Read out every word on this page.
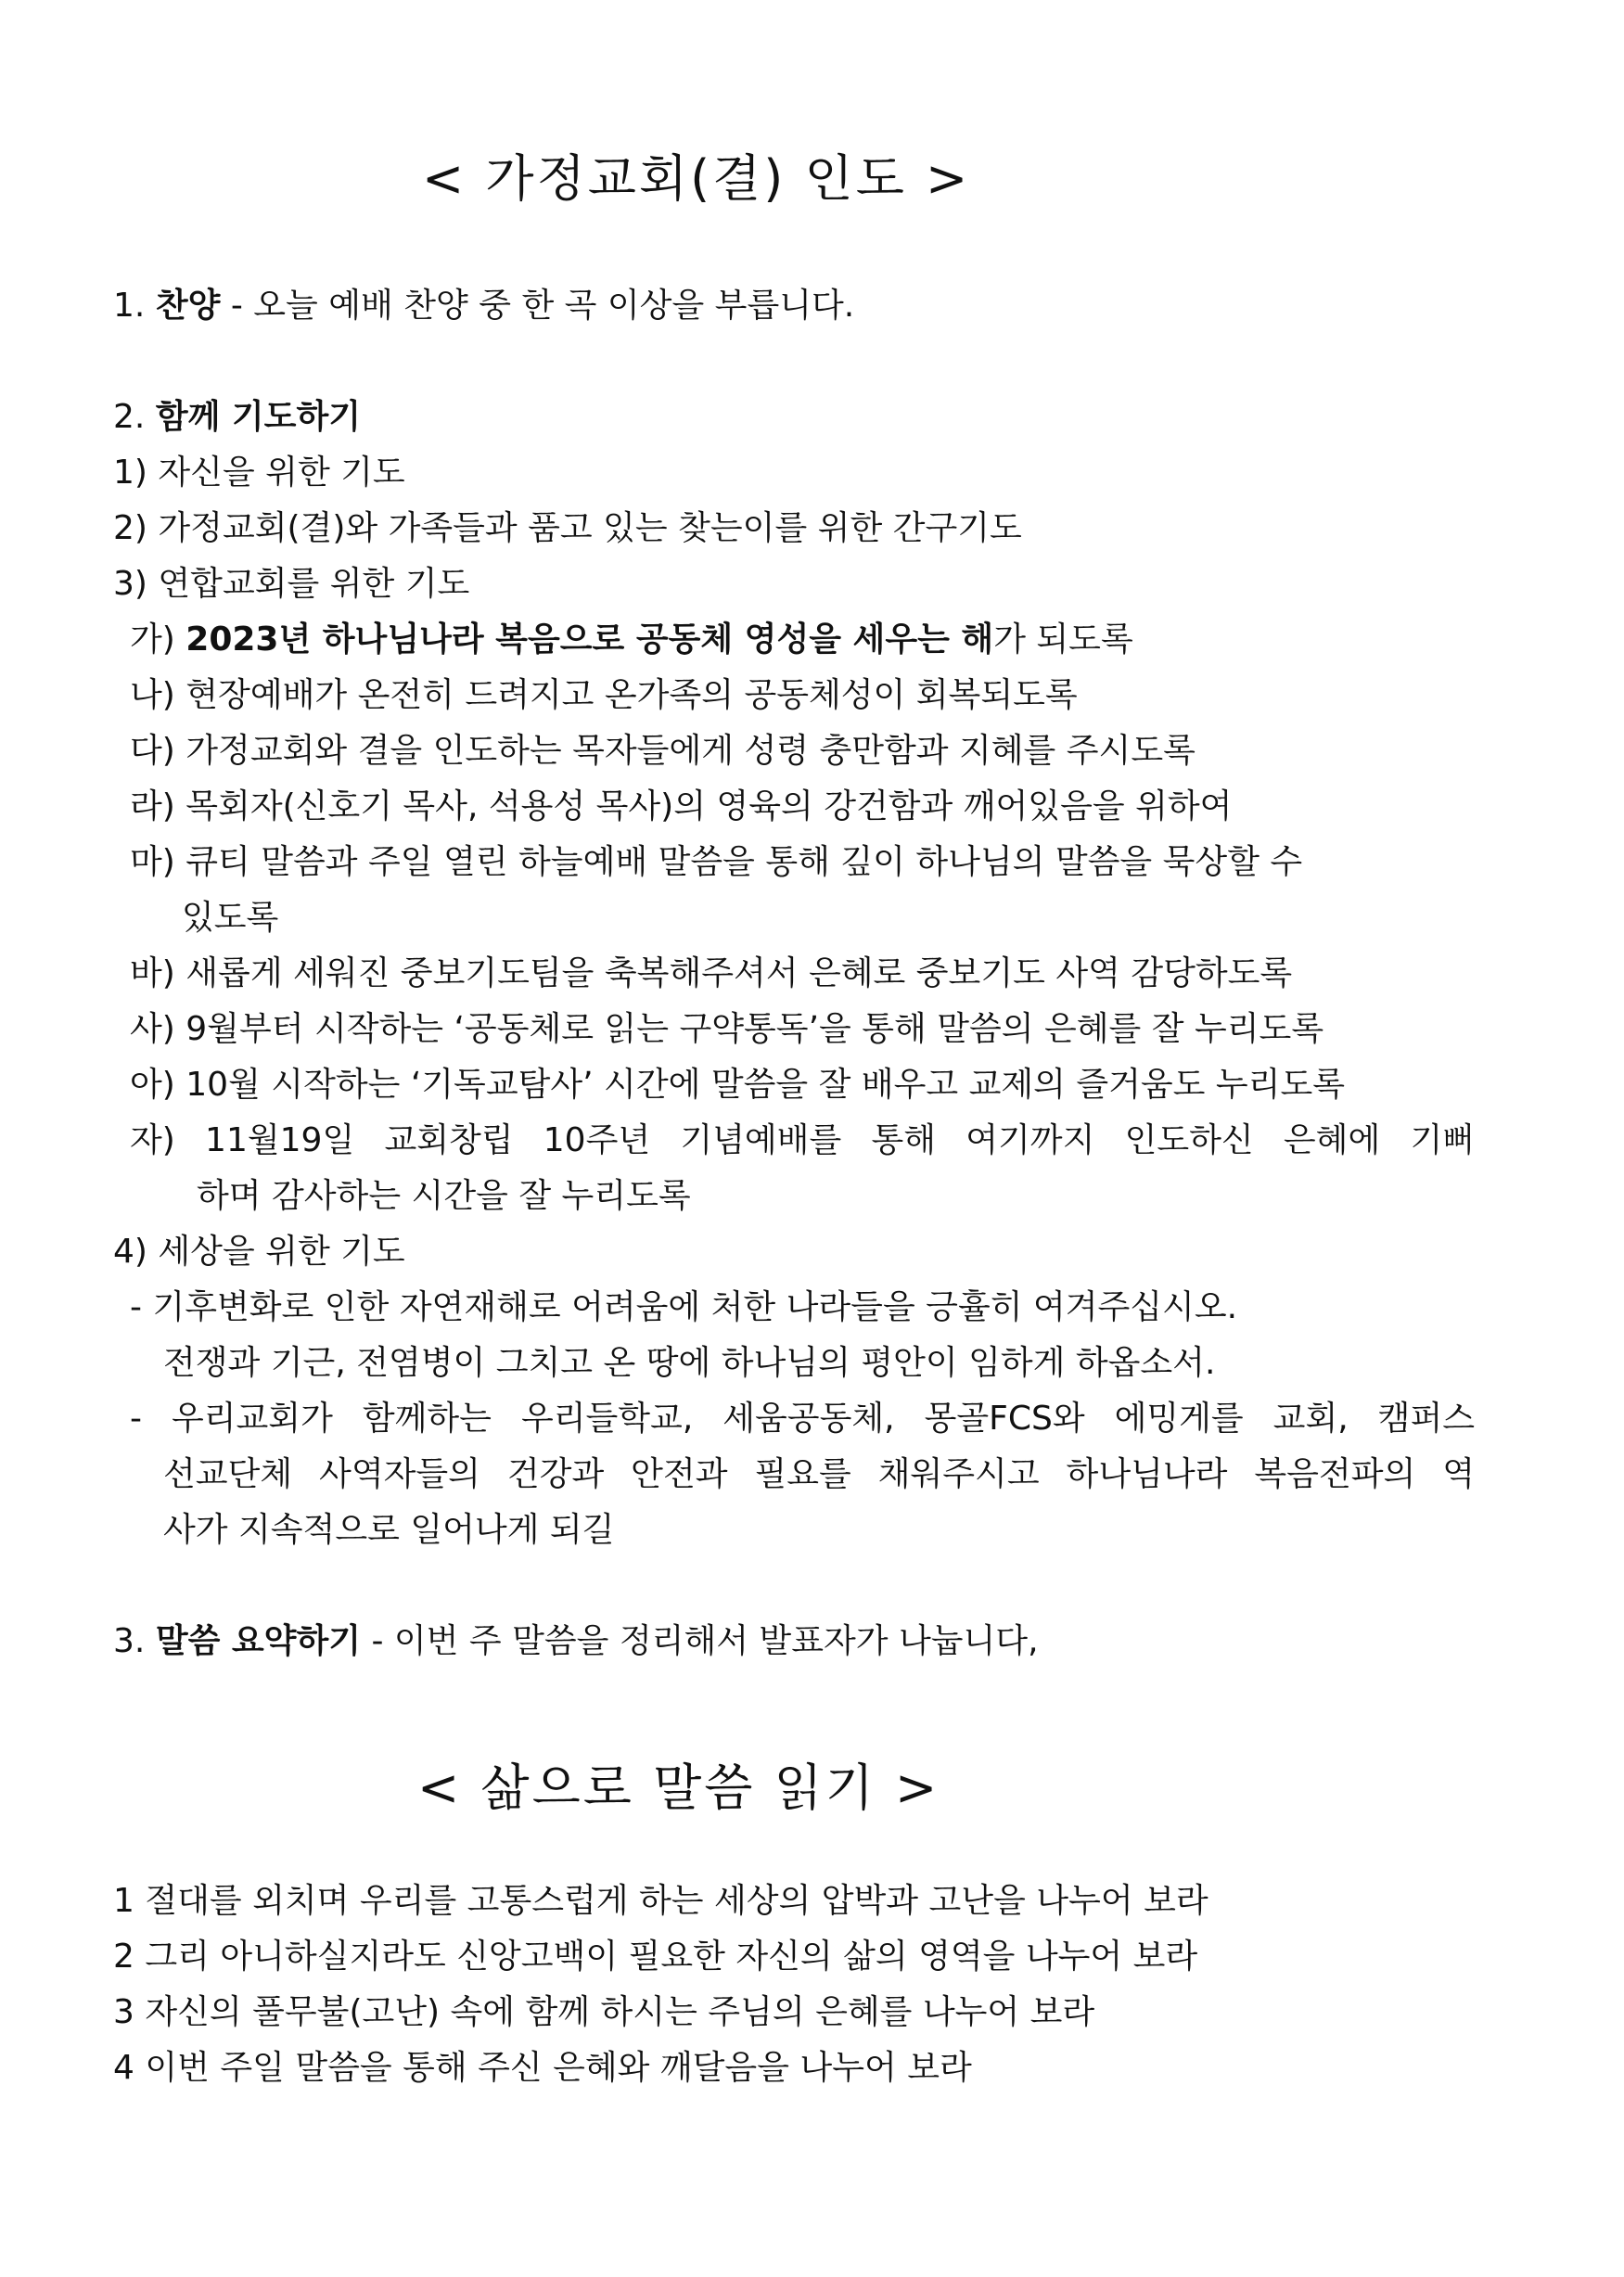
< 가정교회(결) 인도 >
1. 찬양 - 오늘 예배 찬양 중 한 곡 이상을 부릅니다.
2. 함께 기도하기
1) 자신을 위한 기도
2) 가정교회(결)와 가족들과 품고 있는 찾는이를 위한 간구기도
3) 연합교회를 위한 기도
가) 2023년 하나님나라 복음으로 공동체 영성을 세우는 해가 되도록
나) 현장예배가 온전히 드려지고 온가족의 공동체성이 회복되도록
다) 가정교회와 결을 인도하는 목자들에게 성령 충만함과 지혜를 주시도록
라) 목회자(신호기 목사, 석용성 목사)의 영육의 강건함과 깨어있음을 위하여
마) 큐티 말씀과 주일 열린 하늘예배 말씀을 통해 깊이 하나님의 말씀을 묵상할 수
있도록
바) 새롭게 세워진 중보기도팀을 축복해주셔서 은혜로 중보기도 사역 감당하도록
사) 9월부터 시작하는 ‘공동체로 읽는 구약통독’을 통해 말씀의 은혜를 잘 누리도록
아) 10월 시작하는 ‘기독교탐사’ 시간에 말씀을 잘 배우고 교제의 즐거움도 누리도록
자) 11월19일 교회창립 10주년 기념예배를 통해 여기까지 인도하신 은혜에 기뻐
하며 감사하는 시간을 잘 누리도록
4) 세상을 위한 기도
- 기후변화로 인한 자연재해로 어려움에 처한 나라들을 긍휼히 여겨주십시오.
전쟁과 기근, 전염병이 그치고 온 땅에 하나님의 평안이 임하게 하옵소서.
- 우리교회가 함께하는 우리들학교, 세움공동체, 몽골FCS와 에밍게를 교회, 캠퍼스
선교단체 사역자들의 건강과 안전과 필요를 채워주시고 하나님나라 복음전파의 역
사가 지속적으로 일어나게 되길
3. 말씀 요약하기 - 이번 주 말씀을 정리해서 발표자가 나눕니다,
< 삶으로 말씀 읽기 >
1 절대를 외치며 우리를 고통스럽게 하는 세상의 압박과 고난을 나누어 보라
2 그리 아니하실지라도 신앙고백이 필요한 자신의 삶의 영역을 나누어 보라
3 자신의 풀무불(고난) 속에 함께 하시는 주님의 은혜를 나누어 보라
4 이번 주일 말씀을 통해 주신 은혜와 깨달음을 나누어 보라
